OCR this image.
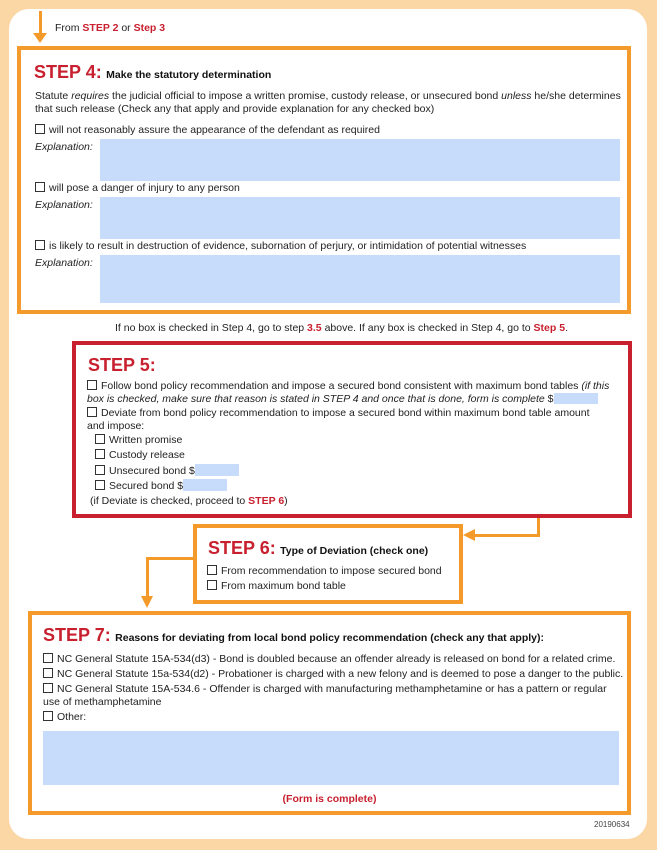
From STEP 2 or Step 3
STEP 4: Make the statutory determination
Statute requires the judicial official to impose a written promise, custody release, or unsecured bond unless he/she determines that such release (Check any that apply and provide explanation for any checked box)
will not reasonably assure the appearance of the defendant as required
Explanation:
will pose a danger of injury to any person
Explanation:
is likely to result in destruction of evidence, subornation of perjury, or intimidation of potential witnesses
Explanation:
If no box is checked in Step 4, go to step 3.5 above. If any box is checked in Step 4, go to Step 5.
STEP 5:
Follow bond policy recommendation and impose a secured bond consistent with maximum bond tables (if this box is checked, make sure that reason is stated in STEP 4 and once that is done, form is complete $
Deviate from bond policy recommendation to impose a secured bond within maximum bond table amount and impose:
Written promise
Custody release
Unsecured bond $
Secured bond $
(if Deviate is checked, proceed to STEP 6)
STEP 6: Type of Deviation (check one)
From recommendation to impose secured bond
From maximum bond table
STEP 7: Reasons for deviating from local bond policy recommendation (check any that apply):
NC General Statute 15A-534(d3) - Bond is doubled because an offender already is released on bond for a related crime.
NC General Statute 15a-534(d2) - Probationer is charged with a new felony and is deemed to pose a danger to the public.
NC General Statute 15A-534.6 - Offender is charged with manufacturing methamphetamine or has a pattern or regular use of methamphetamine
Other:
(Form is complete)
20190634
